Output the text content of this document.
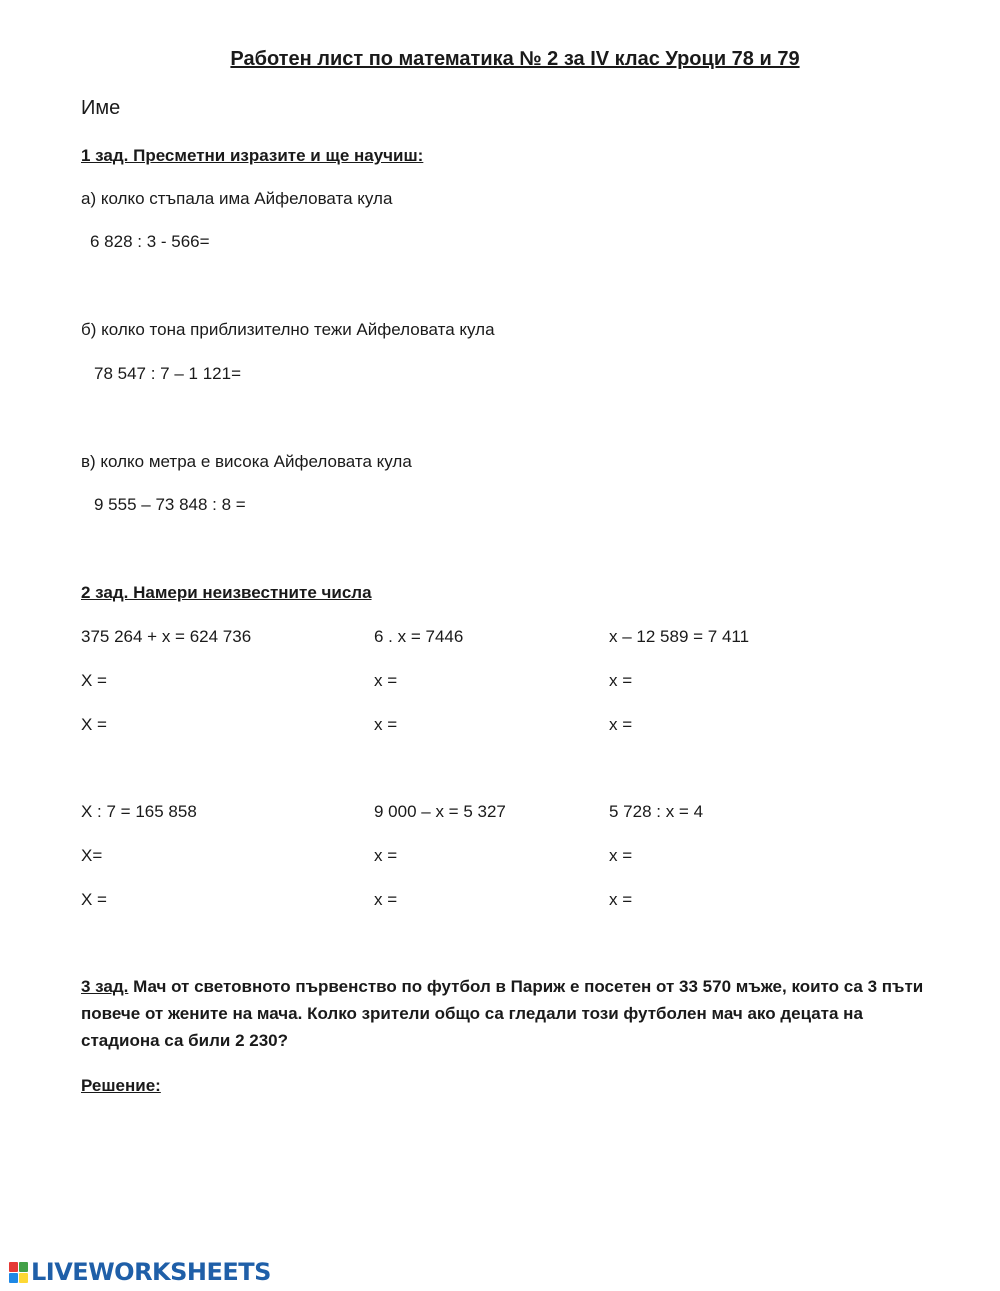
Работен лист по математика № 2 за IV клас Уроци 78 и 79
Име
1 зад. Пресметни изразите и ще научиш:
а) колко стъпала има Айфеловата кула
6 828 : 3 - 566=
б) колко тона приблизително тежи Айфеловата кула
78 547 : 7 – 1 121=
в) колко метра е висока Айфеловата кула
9 555 – 73 848 : 8 =
2 зад. Намери неизвестните числа
375 264 + x = 624 736
X =
X =
6 . x = 7446
x =
x =
x – 12 589 = 7 411
x =
x =
X : 7 = 165 858
X=
X =
9 000 – x = 5 327
x =
x =
5 728 : x = 4
x =
x =
3 зад. Мач от световното първенство по футбол в Париж е посетен от 33 570 мъже, които са 3 пъти повече от жените на мача. Колко зрители общо са гледали този футболен мач ако децата на стадиона са били 2 230?
Решение:
LIVEWORKSHEETS
